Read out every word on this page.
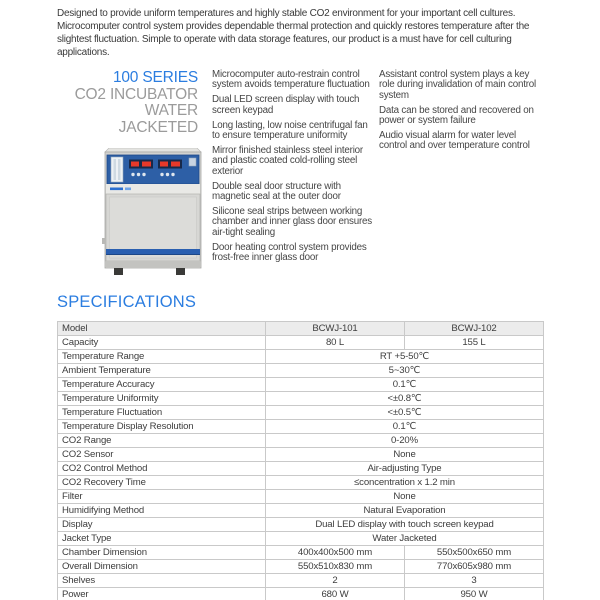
Designed to provide uniform temperatures and highly stable CO2 environment for your important cell cultures. Microcomputer control system provides dependable thermal protection and quickly restores temperature after the slightest fluctuation. Simple to operate with data storage features, our product is a must have for cell culturing applications.

100 SERIES
CO2 INCUBATOR
WATER
JACKETED

Microcomputer auto-restrain control system avoids temperature fluctuation

Dual LED screen display with touch screen keypad

Long lasting, low noise centrifugal fan to ensure temperature uniformity

Mirror finished stainless steel interior and plastic coated cold-rolling steel exterior

Double seal door structure with magnetic seal at the outer door

Silicone seal strips between working chamber and inner glass door ensures air-tight sealing

Door heating control system provides frost-free inner glass door

Assistant control system plays a key role during invalidation of main control system

Data can be stored and recovered on power or system failure

Audio visual alarm for water level control and over temperature control

SPECIFICATIONS
Model	BCWJ-101	BCWJ-102
Capacity	80 L	155 L
Temperature Range	RT +5-50℃	
Ambient Temperature	5~30℃	
Temperature Accuracy	0.1℃	
Temperature Uniformity	<±0.8℃	
Temperature Fluctuation	<±0.5℃	
Temperature Display Resolution	0.1℃	
CO2 Range	0-20%	
CO2 Sensor	None	
CO2 Control Method	Air-adjusting Type	
CO2 Recovery Time	≤concentration x 1.2 min	
Filter	None	
Humidifying Method	Natural Evaporation	
Display	Dual LED display with touch screen keypad	
Jacket Type	Water Jacketed	
Chamber Dimension	400x400x500 mm	550x500x650 mm
Overall Dimension	550x510x830 mm	770x605x980 mm
Shelves	2	3
Power	680 W	950 W
